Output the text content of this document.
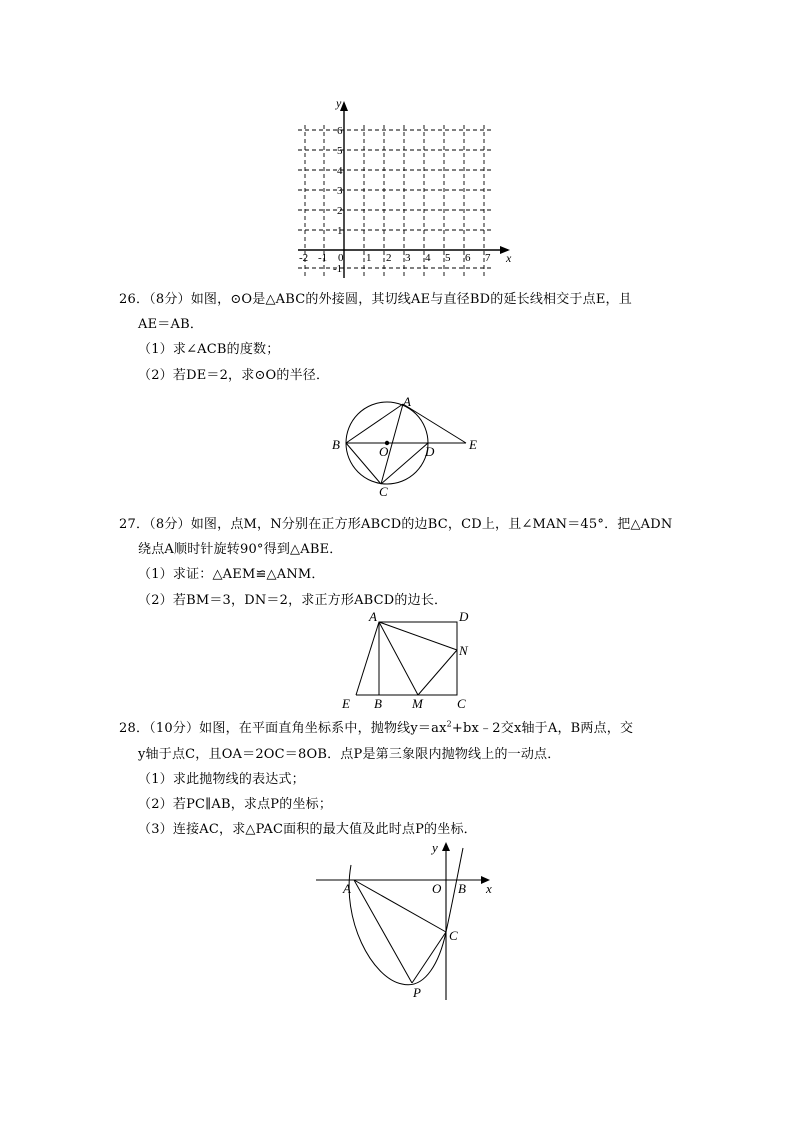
x
y
0
-2 -1	1 2 3 4 5 6 7
6
5
4
3
2
1
-1
26．（8分）如图，⊙O是△ABC的外接圆，其切线AE与直径BD的延长线相交于点E，且
AE＝AB．
（1）求∠ACB的度数；
（2）若DE＝2，求⊙O的半径．
A
B	O	D	E
C
27．（8分）如图，点M，N分别在正方形ABCD的边BC，CD上，且∠MAN＝45°．把△ADN
绕点A顺时针旋转90°得到△ABE．
（1）求证：△AEM≌△ANM．
（2）若BM＝3，DN＝2，求正方形ABCD的边长．
A	D
N
E B M	C
28．（10分）如图，在平面直角坐标系中，抛物线$y=ax^2+bx﹣2$交x轴于A，B两点，交
y轴于点C，且OA＝2OC＝8OB．点P是第三象限内抛物线上的一动点．
（1）求此抛物线的表达式；
（2）若PC∥AB，求点P的坐标；
（3）连接AC，求△PAC面积的最大值及此时点P的坐标．
y
x
A	O B
C
P
